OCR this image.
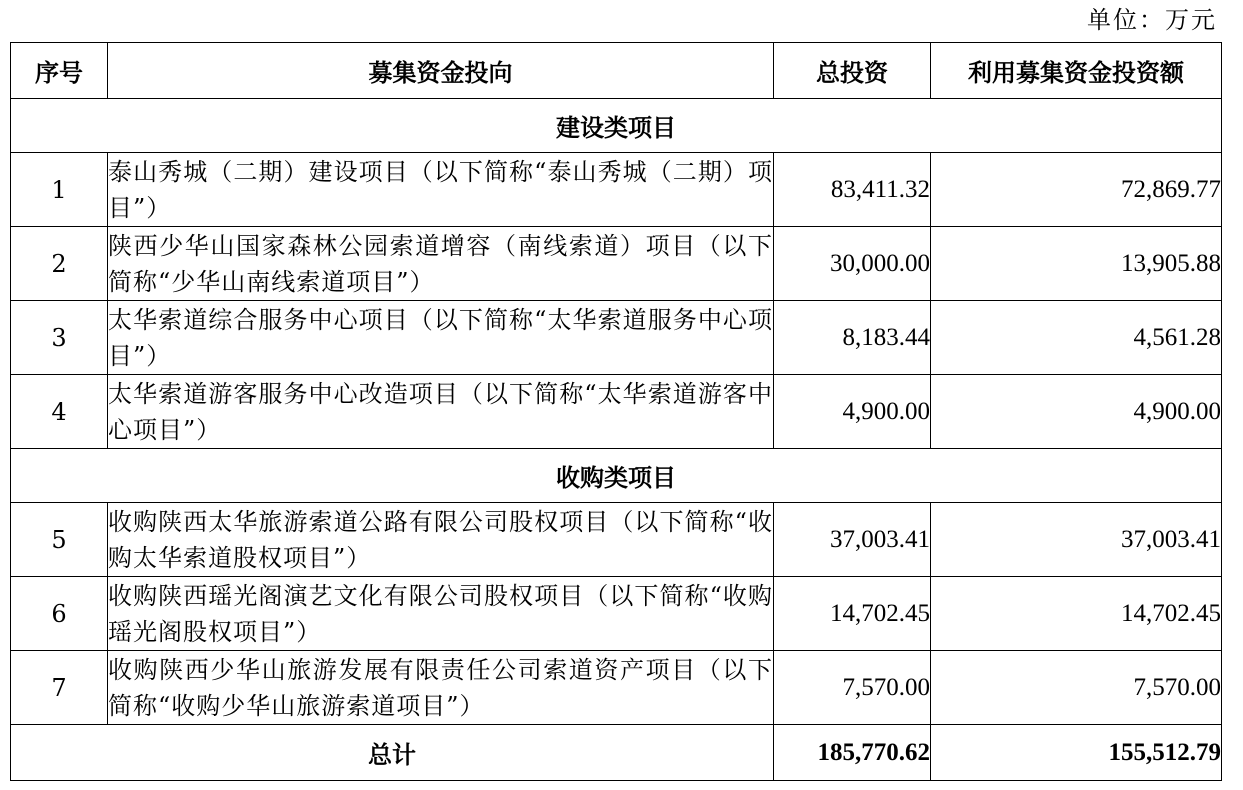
单位：万元
序号	募集资金投向	总投资	利用募集资金投资额
建设类项目			
1	泰山秀城（二期）建设项目（以下简称“泰山秀城（二期）项目”）	83,411.32	72,869.77
2	陕西少华山国家森林公园索道增容（南线索道）项目（以下简称“少华山南线索道项目”）	30,000.00	13,905.88
3	太华索道综合服务中心项目（以下简称“太华索道服务中心项目”）	8,183.44	4,561.28
4	太华索道游客服务中心改造项目（以下简称“太华索道游客中心项目”）	4,900.00	4,900.00
收购类项目			
5	收购陕西太华旅游索道公路有限公司股权项目（以下简称“收购太华索道股权项目”）	37,003.41	37,003.41
6	收购陕西瑶光阁演艺文化有限公司股权项目（以下简称“收购瑶光阁股权项目”）	14,702.45	14,702.45
7	收购陕西少华山旅游发展有限责任公司索道资产项目（以下简称“收购少华山旅游索道项目”）	7,570.00	7,570.00
总计		185,770.62	155,512.79
